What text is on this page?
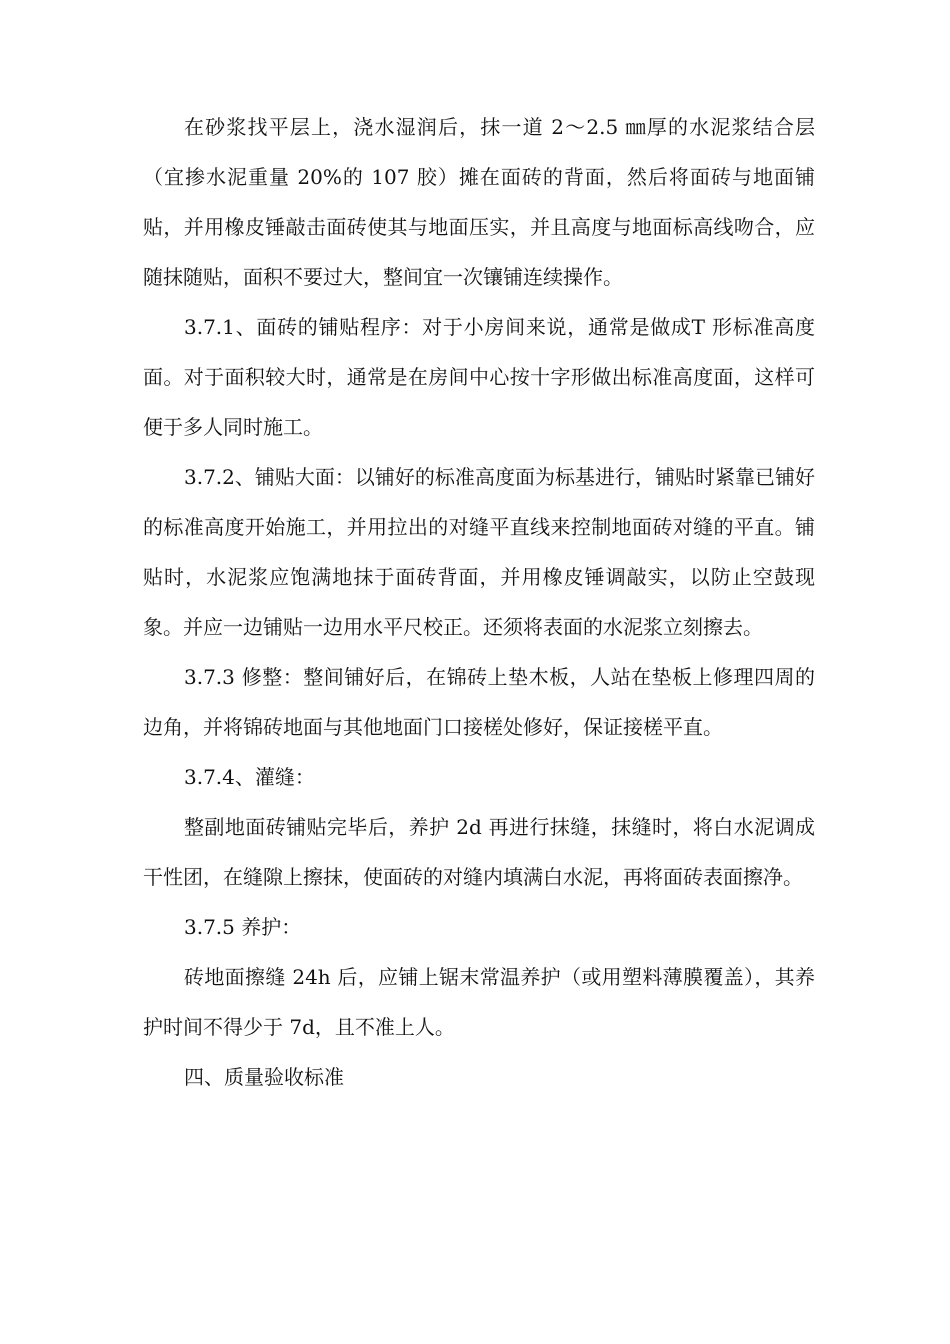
在砂浆找平层上，浇水湿润后，抹一道 2～2.5 ㎜厚的水泥浆结合层（宜掺水泥重量 20%的 107 胶）摊在面砖的背面，然后将面砖与地面铺贴，并用橡皮锤敲击面砖使其与地面压实，并且高度与地面标高线吻合，应随抹随贴，面积不要过大，整间宜一次镶铺连续操作。

3.7.1、面砖的铺贴程序：对于小房间来说，通常是做成T 形标准高度面。对于面积较大时，通常是在房间中心按十字形做出标准高度面，这样可便于多人同时施工。

3.7.2、铺贴大面：以铺好的标准高度面为标基进行，铺贴时紧靠已铺好的标准高度开始施工，并用拉出的对缝平直线来控制地面砖对缝的平直。铺贴时，水泥浆应饱满地抹于面砖背面，并用橡皮锤调敲实，以防止空鼓现象。并应一边铺贴一边用水平尺校正。还须将表面的水泥浆立刻擦去。

3.7.3 修整：整间铺好后，在锦砖上垫木板，人站在垫板上修理四周的边角，并将锦砖地面与其他地面门口接槎处修好，保证接槎平直。

3.7.4、灌缝：

整副地面砖铺贴完毕后，养护 2d 再进行抹缝，抹缝时，将白水泥调成干性团，在缝隙上擦抹，使面砖的对缝内填满白水泥，再将面砖表面擦净。

3.7.5 养护：

砖地面擦缝 24h 后，应铺上锯末常温养护（或用塑料薄膜覆盖），其养护时间不得少于 7d，且不准上人。

四、质量验收标准
